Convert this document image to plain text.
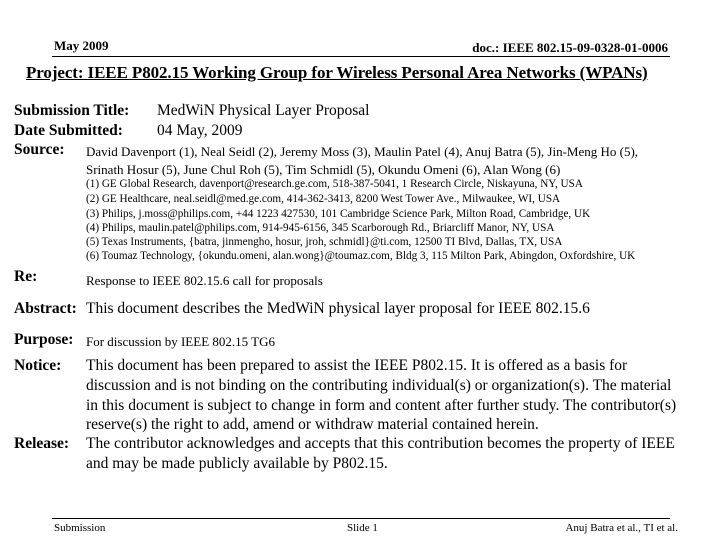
May 2009	doc.: IEEE 802.15-09-0328-01-0006
Project: IEEE P802.15 Working Group for Wireless Personal Area Networks (WPANs)
Submission Title: MedWiN Physical Layer Proposal
Date Submitted: 04 May, 2009
Source: David Davenport (1), Neal Seidl (2), Jeremy Moss (3), Maulin Patel (4), Anuj Batra (5), Jin-Meng Ho (5),
Srinath Hosur (5), June Chul Roh (5), Tim Schmidl (5), Okundu Omeni (6), Alan Wong (6)
(1) GE Global Research, davenport@research.ge.com, 518-387-5041, 1 Research Circle, Niskayuna, NY, USA
(2) GE Healthcare, neal.seidl@med.ge.com, 414-362-3413, 8200 West Tower Ave., Milwaukee, WI, USA
(3) Philips, j.moss@philips.com, +44 1223 427530, 101 Cambridge Science Park, Milton Road, Cambridge, UK
(4) Philips, maulin.patel@philips.com, 914-945-6156, 345 Scarborough Rd., Briarcliff Manor, NY, USA
(5) Texas Instruments, {batra, jinmengho, hosur, jroh, schmidl}@ti.com, 12500 TI Blvd, Dallas, TX, USA
(6) Toumaz Technology, {okundu.omeni, alan.wong}@toumaz.com, Bldg 3, 115 Milton Park, Abingdon, Oxfordshire, UK
Re:	Response to IEEE 802.15.6 call for proposals
Abstract: This document describes the MedWiN physical layer proposal for IEEE 802.15.6
Purpose: For discussion by IEEE 802.15 TG6
Notice: This document has been prepared to assist the IEEE P802.15. It is offered as a basis for
discussion and is not binding on the contributing individual(s) or organization(s). The material
in this document is subject to change in form and content after further study. The contributor(s)
reserve(s) the right to add, amend or withdraw material contained herein.
Release: The contributor acknowledges and accepts that this contribution becomes the property of IEEE
and may be made publicly available by P802.15.
Submission	Slide 1	Anuj Batra et al., TI et al.
